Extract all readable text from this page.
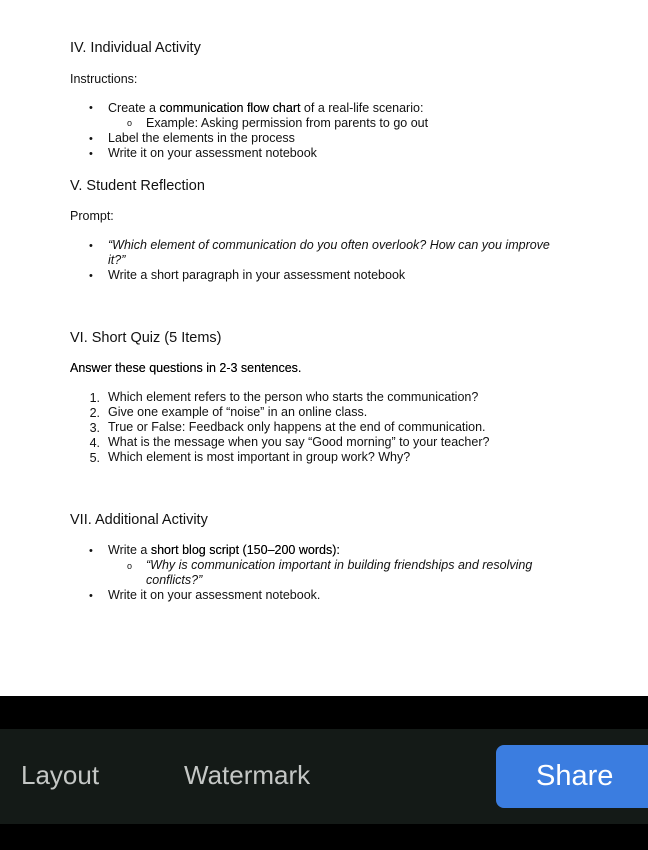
IV. Individual Activity
Instructions:
• Create a communication flow chart of a real-life scenario:
o Example: Asking permission from parents to go out
• Label the elements in the process
• Write it on your assessment notebook
V. Student Reflection
Prompt:
• “Which element of communication do you often overlook? How can you improve
it?”
• Write a short paragraph in your assessment notebook
VI. Short Quiz (5 Items)
Answer these questions in 2-3 sentences.
1. Which element refers to the person who starts the communication?
2. Give one example of “noise” in an online class.
3. True or False: Feedback only happens at the end of communication.
4. What is the message when you say “Good morning” to your teacher?
5. Which element is most important in group work? Why?
VII. Additional Activity
• Write a short blog script (150–200 words):
o “Why is communication important in building friendships and resolving
conflicts?”
• Write it on your assessment notebook.
Layout	Watermark	Share
